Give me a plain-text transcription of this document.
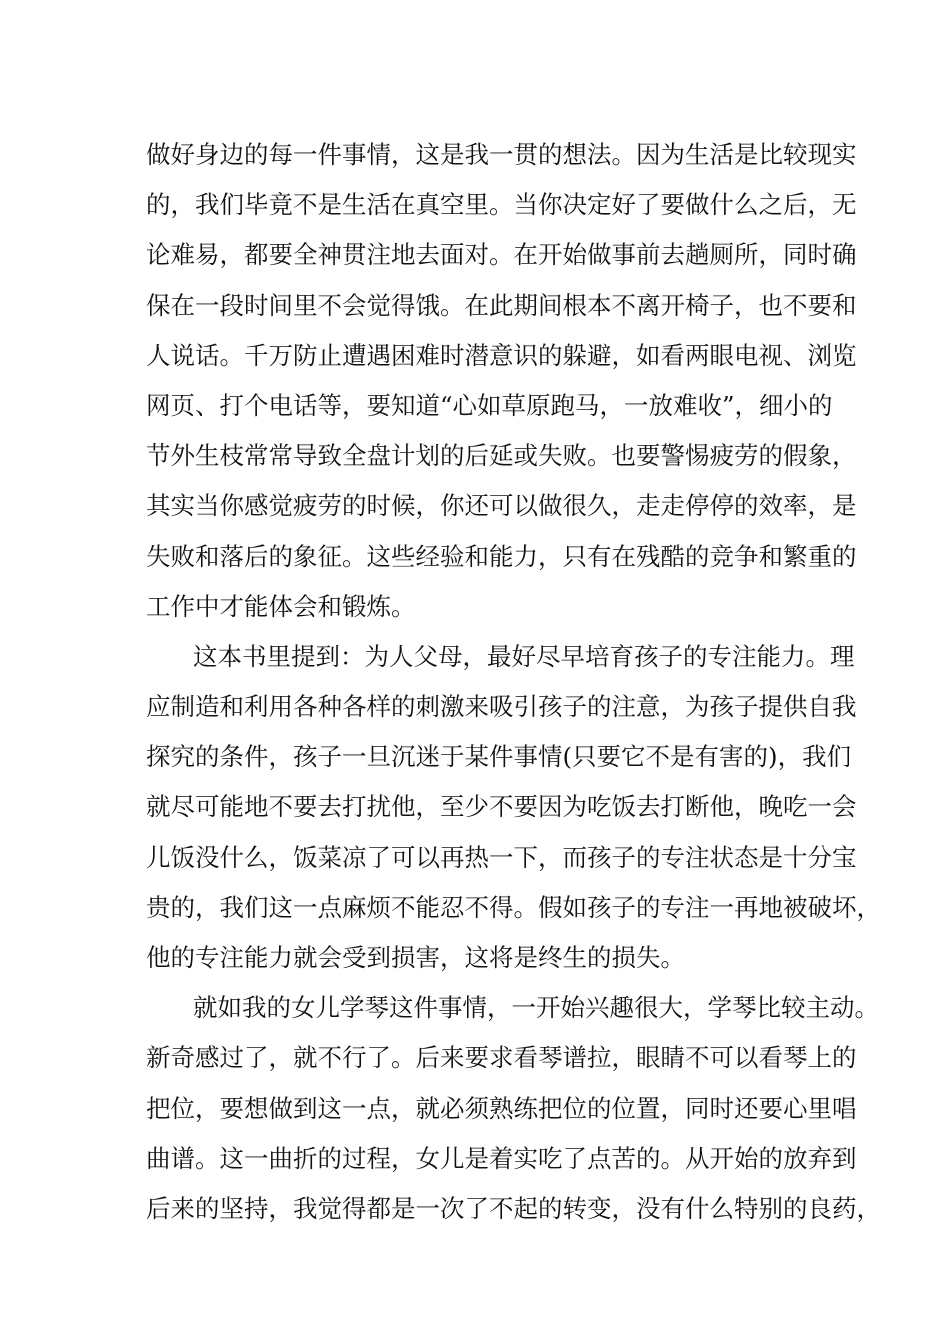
做好身边的每一件事情，这是我一贯的想法。因为生活是比较现实
的，我们毕竟不是生活在真空里。当你决定好了要做什么之后，无
论难易，都要全神贯注地去面对。在开始做事前去趟厕所，同时确
保在一段时间里不会觉得饿。在此期间根本不离开椅子，也不要和
人说话。千万防止遭遇困难时潜意识的躲避，如看两眼电视、浏览
网页、打个电话等，要知道“心如草原跑马，一放难收”，细小的
节外生枝常常导致全盘计划的后延或失败。也要警惕疲劳的假象，
其实当你感觉疲劳的时候，你还可以做很久，走走停停的效率，是
失败和落后的象征。这些经验和能力，只有在残酷的竞争和繁重的
工作中才能体会和锻炼。
这本书里提到：为人父母，最好尽早培育孩子的专注能力。理
应制造和利用各种各样的刺激来吸引孩子的注意，为孩子提供自我
探究的条件，孩子一旦沉迷于某件事情(只要它不是有害的)，我们
就尽可能地不要去打扰他，至少不要因为吃饭去打断他，晚吃一会
儿饭没什么，饭菜凉了可以再热一下，而孩子的专注状态是十分宝
贵的，我们这一点麻烦不能忍不得。假如孩子的专注一再地被破坏，
他的专注能力就会受到损害，这将是终生的损失。
就如我的女儿学琴这件事情，一开始兴趣很大，学琴比较主动。
新奇感过了，就不行了。后来要求看琴谱拉，眼睛不可以看琴上的
把位，要想做到这一点，就必须熟练把位的位置，同时还要心里唱
曲谱。这一曲折的过程，女儿是着实吃了点苦的。从开始的放弃到
后来的坚持，我觉得都是一次了不起的转变，没有什么特别的良药，
